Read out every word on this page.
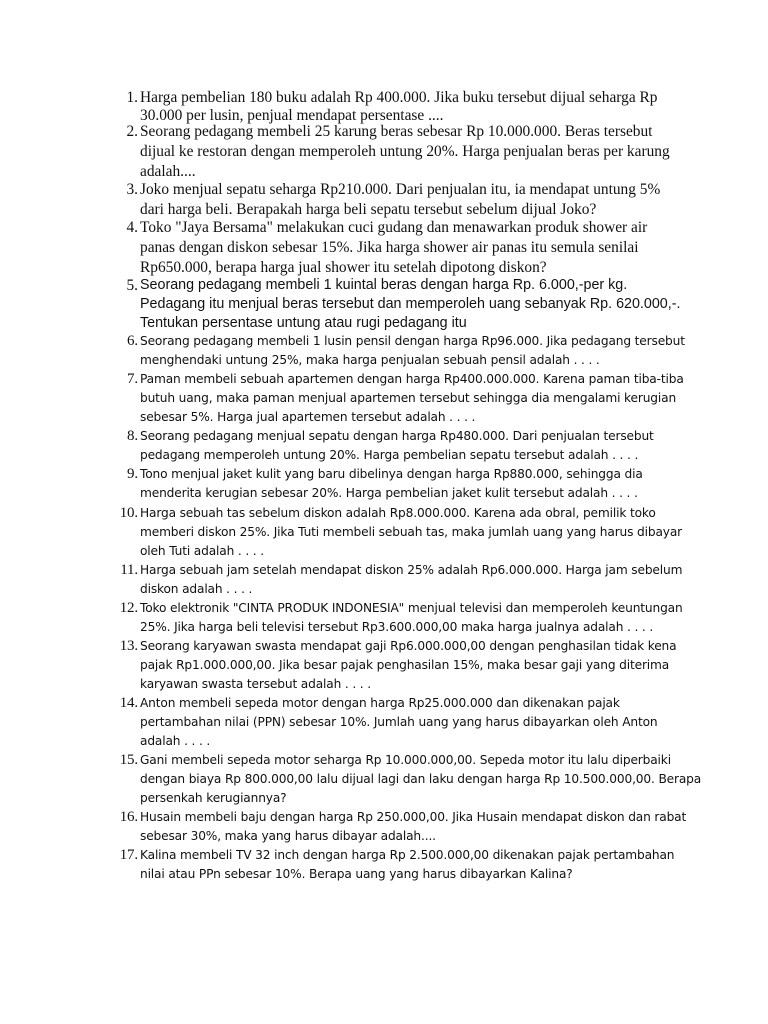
1. Harga pembelian 180 buku adalah Rp 400.000. Jika buku tersebut dijual seharga Rp
30.000 per lusin, penjual mendapat persentase ....
2. Seorang pedagang membeli 25 karung beras sebesar Rp 10.000.000. Beras tersebut
dijual ke restoran dengan memperoleh untung 20%. Harga penjualan beras per karung
adalah....
3. Joko menjual sepatu seharga Rp210.000. Dari penjualan itu, ia mendapat untung 5%
dari harga beli. Berapakah harga beli sepatu tersebut sebelum dijual Joko?
4. Toko "Jaya Bersama" melakukan cuci gudang dan menawarkan produk shower air
panas dengan diskon sebesar 15%. Jika harga shower air panas itu semula senilai
Rp650.000, berapa harga jual shower itu setelah dipotong diskon?
5. Seorang pedagang membeli 1 kuintal beras dengan harga Rp. 6.000,-per kg.
Pedagang itu menjual beras tersebut dan memperoleh uang sebanyak Rp. 620.000,-.
Tentukan persentase untung atau rugi pedagang itu
6. Seorang pedagang membeli 1 lusin pensil dengan harga Rp96.000. Jika pedagang tersebut
menghendaki untung 25%, maka harga penjualan sebuah pensil adalah . . . .
7. Paman membeli sebuah apartemen dengan harga Rp400.000.000. Karena paman tiba-tiba
butuh uang, maka paman menjual apartemen tersebut sehingga dia mengalami kerugian
sebesar 5%. Harga jual apartemen tersebut adalah . . . .
8. Seorang pedagang menjual sepatu dengan harga Rp480.000. Dari penjualan tersebut
pedagang memperoleh untung 20%. Harga pembelian sepatu tersebut adalah . . . .
9. Tono menjual jaket kulit yang baru dibelinya dengan harga Rp880.000, sehingga dia
menderita kerugian sebesar 20%. Harga pembelian jaket kulit tersebut adalah . . . .
10. Harga sebuah tas sebelum diskon adalah Rp8.000.000. Karena ada obral, pemilik toko
memberi diskon 25%. Jika Tuti membeli sebuah tas, maka jumlah uang yang harus dibayar
oleh Tuti adalah . . . .
11. Harga sebuah jam setelah mendapat diskon 25% adalah Rp6.000.000. Harga jam sebelum
diskon adalah . . . .
12. Toko elektronik "CINTA PRODUK INDONESIA" menjual televisi dan memperoleh keuntungan
25%. Jika harga beli televisi tersebut Rp3.600.000,00 maka harga jualnya adalah . . . .
13. Seorang karyawan swasta mendapat gaji Rp6.000.000,00 dengan penghasilan tidak kena
pajak Rp1.000.000,00. Jika besar pajak penghasilan 15%, maka besar gaji yang diterima
karyawan swasta tersebut adalah . . . .
14. Anton membeli sepeda motor dengan harga Rp25.000.000 dan dikenakan pajak
pertambahan nilai (PPN) sebesar 10%. Jumlah uang yang harus dibayarkan oleh Anton
adalah . . . .
15. Gani membeli sepeda motor seharga Rp 10.000.000,00. Sepeda motor itu lalu diperbaiki
dengan biaya Rp 800.000,00 lalu dijual lagi dan laku dengan harga Rp 10.500.000,00. Berapa
persenkah kerugiannya?
16. Husain membeli baju dengan harga Rp 250.000,00. Jika Husain mendapat diskon dan rabat
sebesar 30%, maka yang harus dibayar adalah....
17. Kalina membeli TV 32 inch dengan harga Rp 2.500.000,00 dikenakan pajak pertambahan
nilai atau PPn sebesar 10%. Berapa uang yang harus dibayarkan Kalina?
